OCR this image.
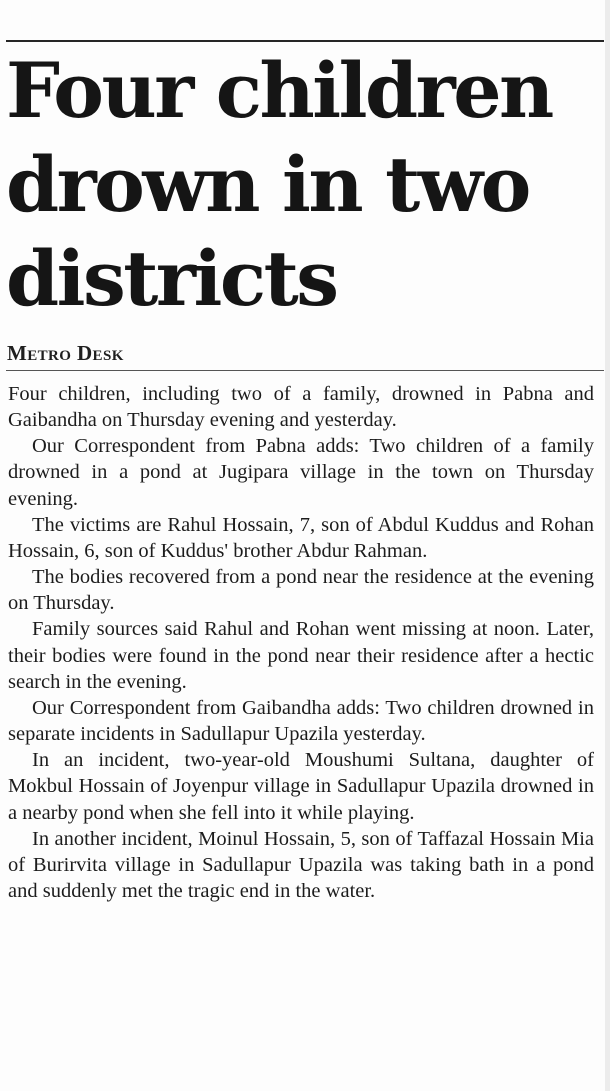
Four children
drown in two
districts
Metro Desk

Four children, including two of a family, drowned in Pabna and Gaibandha on Thursday evening and yesterday.

Our Correspondent from Pabna adds: Two children of a family drowned in a pond at Jugipara village in the town on Thursday evening.

The victims are Rahul Hossain, 7, son of Abdul Kuddus and Rohan Hossain, 6, son of Kuddus' brother Abdur Rahman.

The bodies recovered from a pond near the residence at the evening on Thursday.

Family sources said Rahul and Rohan went missing at noon. Later, their bodies were found in the pond near their residence after a hectic search in the evening.

Our Correspondent from Gaibandha adds: Two children drowned in separate incidents in Sadullapur Upazila yesterday.

In an incident, two-year-old Moushumi Sultana, daughter of Mokbul Hossain of Joyenpur village in Sadullapur Upazila drowned in a nearby pond when she fell into it while playing.

In another incident, Moinul Hossain, 5, son of Taffazal Hossain Mia of Burirvita village in Sadullapur Upazila was taking bath in a pond and suddenly met the tragic end in the water.
